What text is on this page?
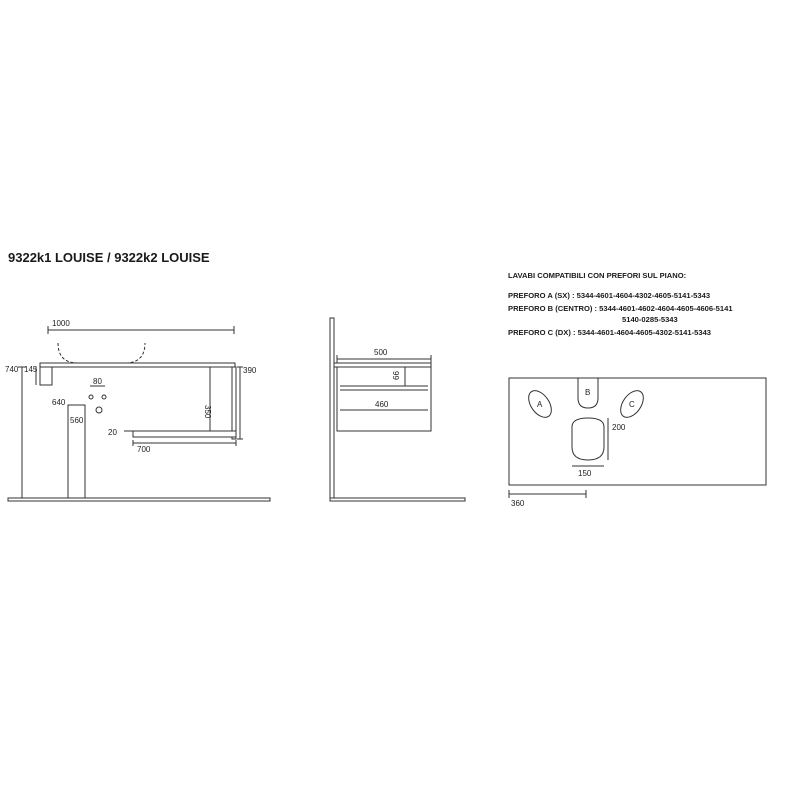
9322k1 LOUISE / 9322k2 LOUISE
LAVABI COMPATIBILI CON PREFORI SUL PIANO:
PREFORO A (SX) : 5344-4601-4604-4302-4605-5141-5343
PREFORO B (CENTRO) : 5344-4601-4602-4604-4605-4606-5141
5140-0285-5343
PREFORO C (DX) : 5344-4601-4604-4605-4302-5141-5343
1000
740 145
80
640
560
350
390
20
700
500
99
460	A
B
C
200
150
360
